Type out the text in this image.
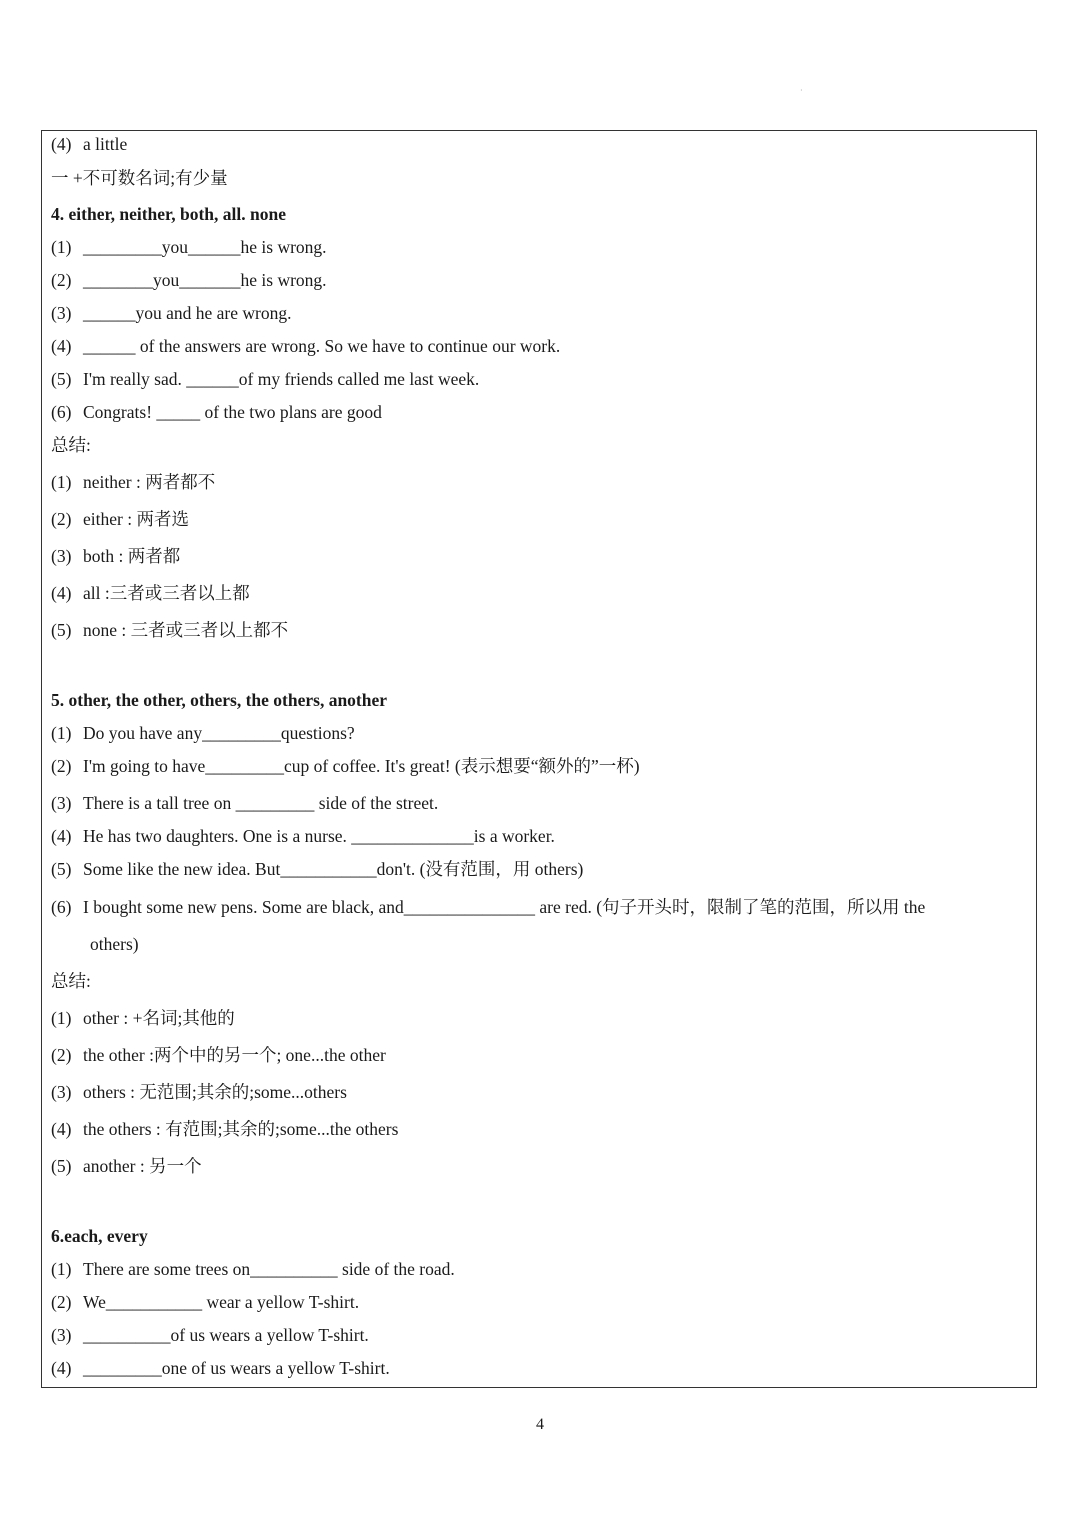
·
(4) a little
一 +不可数名词;有少量
4. either, neither, both, all. none
(1) _________you______he is wrong.
(2) ________you_______he is wrong.
(3) ______you and he are wrong.
(4) ______ of the answers are wrong. So we have to continue our work.
(5) I'm really sad. ______of my friends called me last week.
(6) Congrats! _____ of the two plans are good
总结:
(1) neither : 两者都不
(2) either : 两者选
(3) both : 两者都
(4) all :三者或三者以上都
(5) none : 三者或三者以上都不
5. other, the other, others, the others, another
(1) Do you have any_________questions?
(2) I'm going to have_________cup of coffee. It's great! (表示想要“额外的”一杯)
(3) There is a tall tree on _________ side of the street.
(4) He has two daughters. One is a nurse. ______________is a worker.
(5) Some like the new idea. But___________don't. (没有范围，用 others)
(6) I bought some new pens. Some are black, and_______________ are red. (句子开头时，限制了笔的范围，所以用 the
others)
总结:
(1) other : +名词;其他的
(2) the other :两个中的另一个; one...the other
(3) others : 无范围;其余的;some...others
(4) the others : 有范围;其余的;some...the others
(5) another : 另一个
6.each, every
(1) There are some trees on__________ side of the road.
(2) We___________ wear a yellow T-shirt.
(3) __________of us wears a yellow T-shirt.
(4) _________one of us wears a yellow T-shirt.
4
